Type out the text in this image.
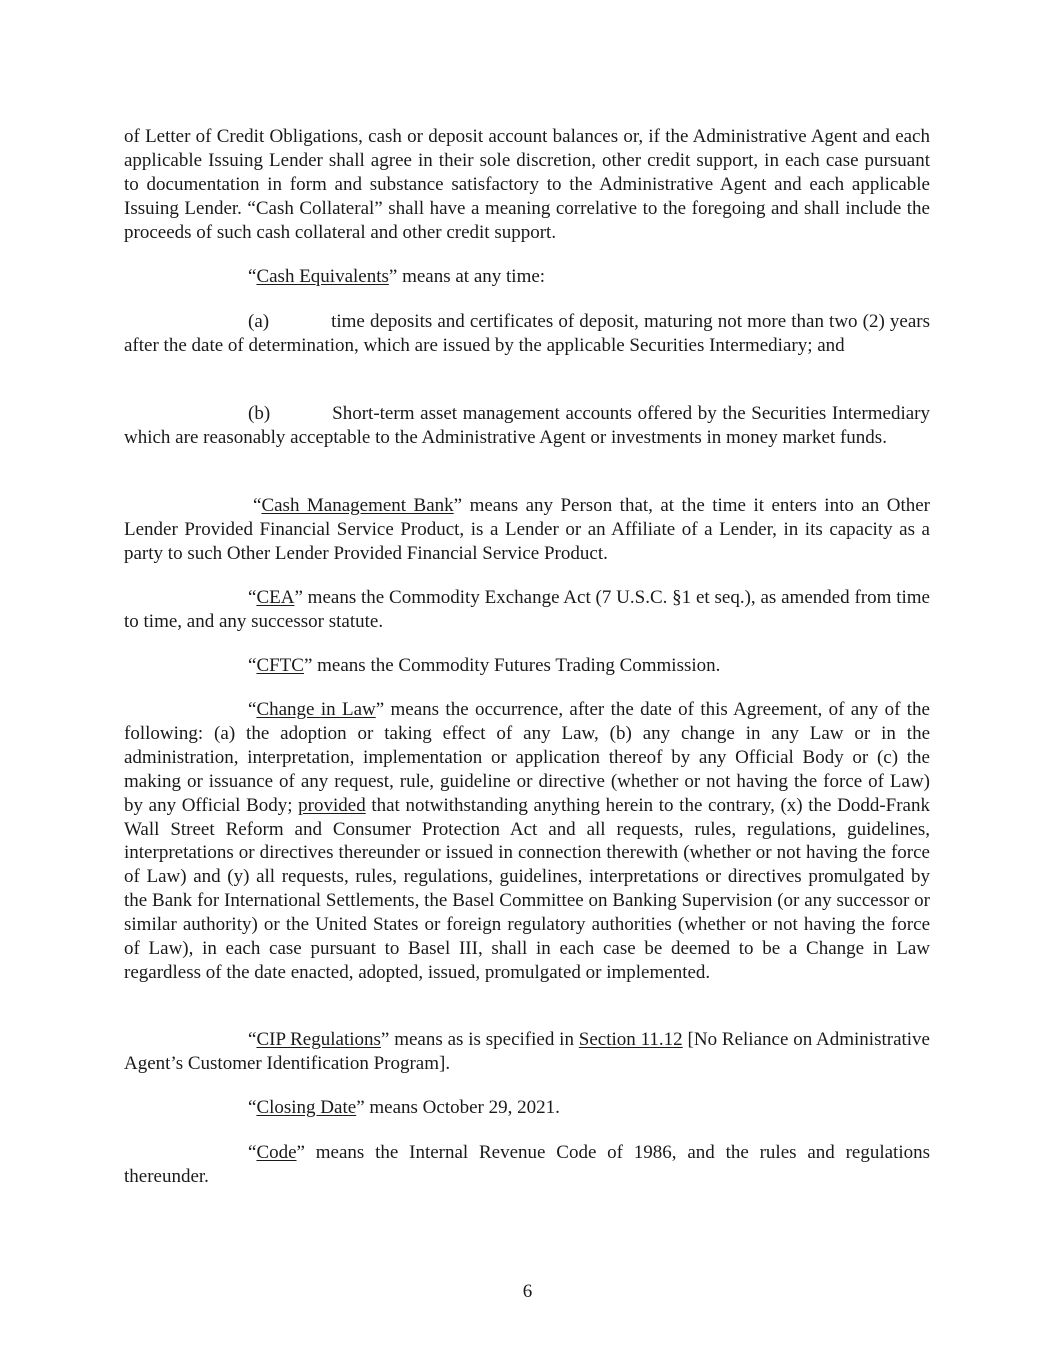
of Letter of Credit Obligations, cash or deposit account balances or, if the Administrative Agent and each applicable Issuing Lender shall agree in their sole discretion, other credit support, in each case pursuant to documentation in form and substance satisfactory to the Administrative Agent and each applicable Issuing Lender. “Cash Collateral” shall have a meaning correlative to the foregoing and shall include the proceeds of such cash collateral and other credit support.

“Cash Equivalents” means at any time:

(a)	time deposits and certificates of deposit, maturing not more than two (2) years after the date of determination, which are issued by the applicable Securities Intermediary; and

(b)	Short-term asset management accounts offered by the Securities Intermediary which are reasonably acceptable to the Administrative Agent or investments in money market funds.

“Cash Management Bank” means any Person that, at the time it enters into an Other Lender Provided Financial Service Product, is a Lender or an Affiliate of a Lender, in its capacity as a party to such Other Lender Provided Financial Service Product.

“CEA” means the Commodity Exchange Act (7 U.S.C. §1 et seq.), as amended from time to time, and any successor statute.

“CFTC” means the Commodity Futures Trading Commission.

“Change in Law” means the occurrence, after the date of this Agreement, of any of the following: (a) the adoption or taking effect of any Law, (b) any change in any Law or in the administration, interpretation, implementation or application thereof by any Official Body or (c) the making or issuance of any request, rule, guideline or directive (whether or not having the force of Law) by any Official Body; provided that notwithstanding anything herein to the contrary, (x) the Dodd-Frank Wall Street Reform and Consumer Protection Act and all requests, rules, regulations, guidelines, interpretations or directives thereunder or issued in connection therewith (whether or not having the force of Law) and (y) all requests, rules, regulations, guidelines, interpretations or directives promulgated by the Bank for International Settlements, the Basel Committee on Banking Supervision (or any successor or similar authority) or the United States or foreign regulatory authorities (whether or not having the force of Law), in each case pursuant to Basel III, shall in each case be deemed to be a Change in Law regardless of the date enacted, adopted, issued, promulgated or implemented.

“CIP Regulations” means as is specified in Section 11.12 [No Reliance on Administrative Agent’s Customer Identification Program].

“Closing Date” means October 29, 2021.

“Code” means the Internal Revenue Code of 1986, and the rules and regulations thereunder.

6
